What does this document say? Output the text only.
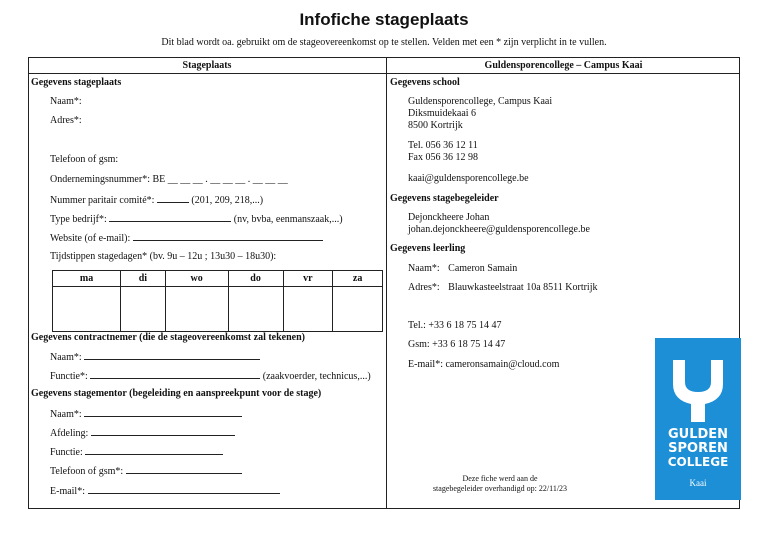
Infofiche stageplaats
Dit blad wordt oa. gebruikt om de stageovereenkomst op te stellen. Velden met een * zijn verplicht in te vullen.
Stageplaats	Guldensporencollege – Campus Kaai
Gegevens stageplaats
Naam*:
Adres*:
Telefoon of gsm:
Ondernemingsnummer*: BE __ __ __ . __ __ __ . __ __ __
Nummer paritair comité*:	(201, 209, 218,...)
Type bedrijf*:	(nv, bvba, eenmanszaak,...)
Website (of e-mail):
Tijdstippen stagedagen* (bv. 9u – 12u ; 13u30 – 18u30):
ma	di	wo	do	vr	za

Gegevens contractnemer (die de stageovereenkomst zal tekenen)
Naam*:
Functie*:	(zaakvoerder, technicus,...)
Gegevens stagementor (begeleiding en aanspreekpunt voor de stage)
Naam*:
Afdeling:
Functie:
Telefoon of gsm*:
E-mail*:
Gegevens school
Guldensporencollege, Campus Kaai
Diksmuidekaai 6
8500 Kortrijk
Tel. 056 36 12 11
Fax 056 36 12 98
kaai@guldensporencollege.be
Gegevens stagebegeleider
Dejonckheere Johan
johan.dejonckheere@guldensporencollege.be
Gegevens leerling
Naam*: Cameron Samain
Adres*: Blauwkasteelstraat 10a 8511 Kortrijk
Tel.: +33 6 18 75 14 47
Gsm: +33 6 18 75 14 47
E-mail*: cameronsamain@cloud.com
Deze fiche werd aan de
stagebegeleider overhandigd op: 22/11/23
GULDEN
SPOREN
COLLEGE
Kaai
